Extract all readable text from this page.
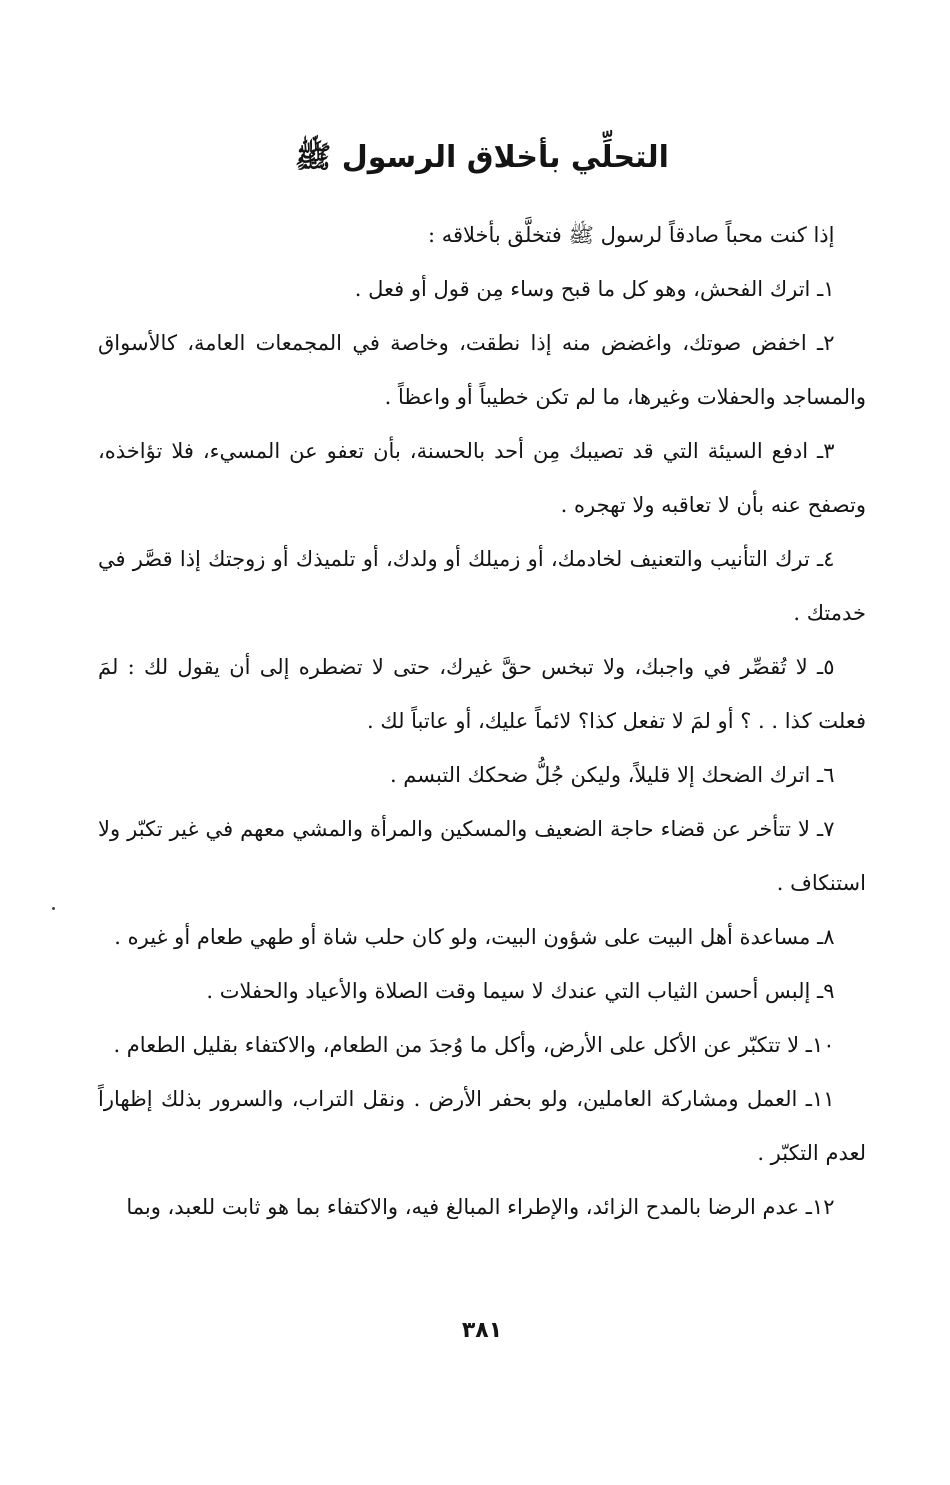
التحلِّي بأخلاق الرسول ﷺ

إذا كنت محباً صادقاً لرسول ﷺ فتخلَّق بأخلاقه :

١ـ اترك الفحش، وهو كل ما قبح وساء مِن قول أو فعل .

٢ـ اخفض صوتك، واغضض منه إذا نطقت، وخاصة في المجمعات العامة، كالأسواق والمساجد والحفلات وغيرها، ما لم تكن خطيباً أو واعظاً .

٣ـ ادفع السيئة التي قد تصيبك مِن أحد بالحسنة، بأن تعفو عن المسيء، فلا تؤاخذه، وتصفح عنه بأن لا تعاقبه ولا تهجره .

٤ـ ترك التأنيب والتعنيف لخادمك، أو زميلك أو ولدك، أو تلميذك أو زوجتك إذا قصَّر في خدمتك .

٥ـ لا تُقصِّر في واجبك، ولا تبخس حقَّ غيرك، حتى لا تضطره إلى أن يقول لك : لمَ فعلت كذا . . ؟ أو لمَ لا تفعل كذا؟ لائماً عليك، أو عاتباً لك .

٦ـ اترك الضحك إلا قليلاً، وليكن جُلُّ ضحكك التبسم .

٧ـ لا تتأخر عن قضاء حاجة الضعيف والمسكين والمرأة والمشي معهم في غير تكبّر ولا استنكاف .

٨ـ مساعدة أهل البيت على شؤون البيت، ولو كان حلب شاة أو طهي طعام أو غيره .

٩ـ إلبس أحسن الثياب التي عندك لا سيما وقت الصلاة والأعياد والحفلات .

١٠ـ لا تتكبّر عن الأكل على الأرض، وأكل ما وُجدَ من الطعام، والاكتفاء بقليل الطعام .

١١ـ العمل ومشاركة العاملين، ولو بحفر الأرض . ونقل التراب، والسرور بذلك إظهاراً لعدم التكبّر .

١٢ـ عدم الرضا بالمدح الزائد، والإطراء المبالغ فيه، والاكتفاء بما هو ثابت للعبد، وبما

٣٨١
